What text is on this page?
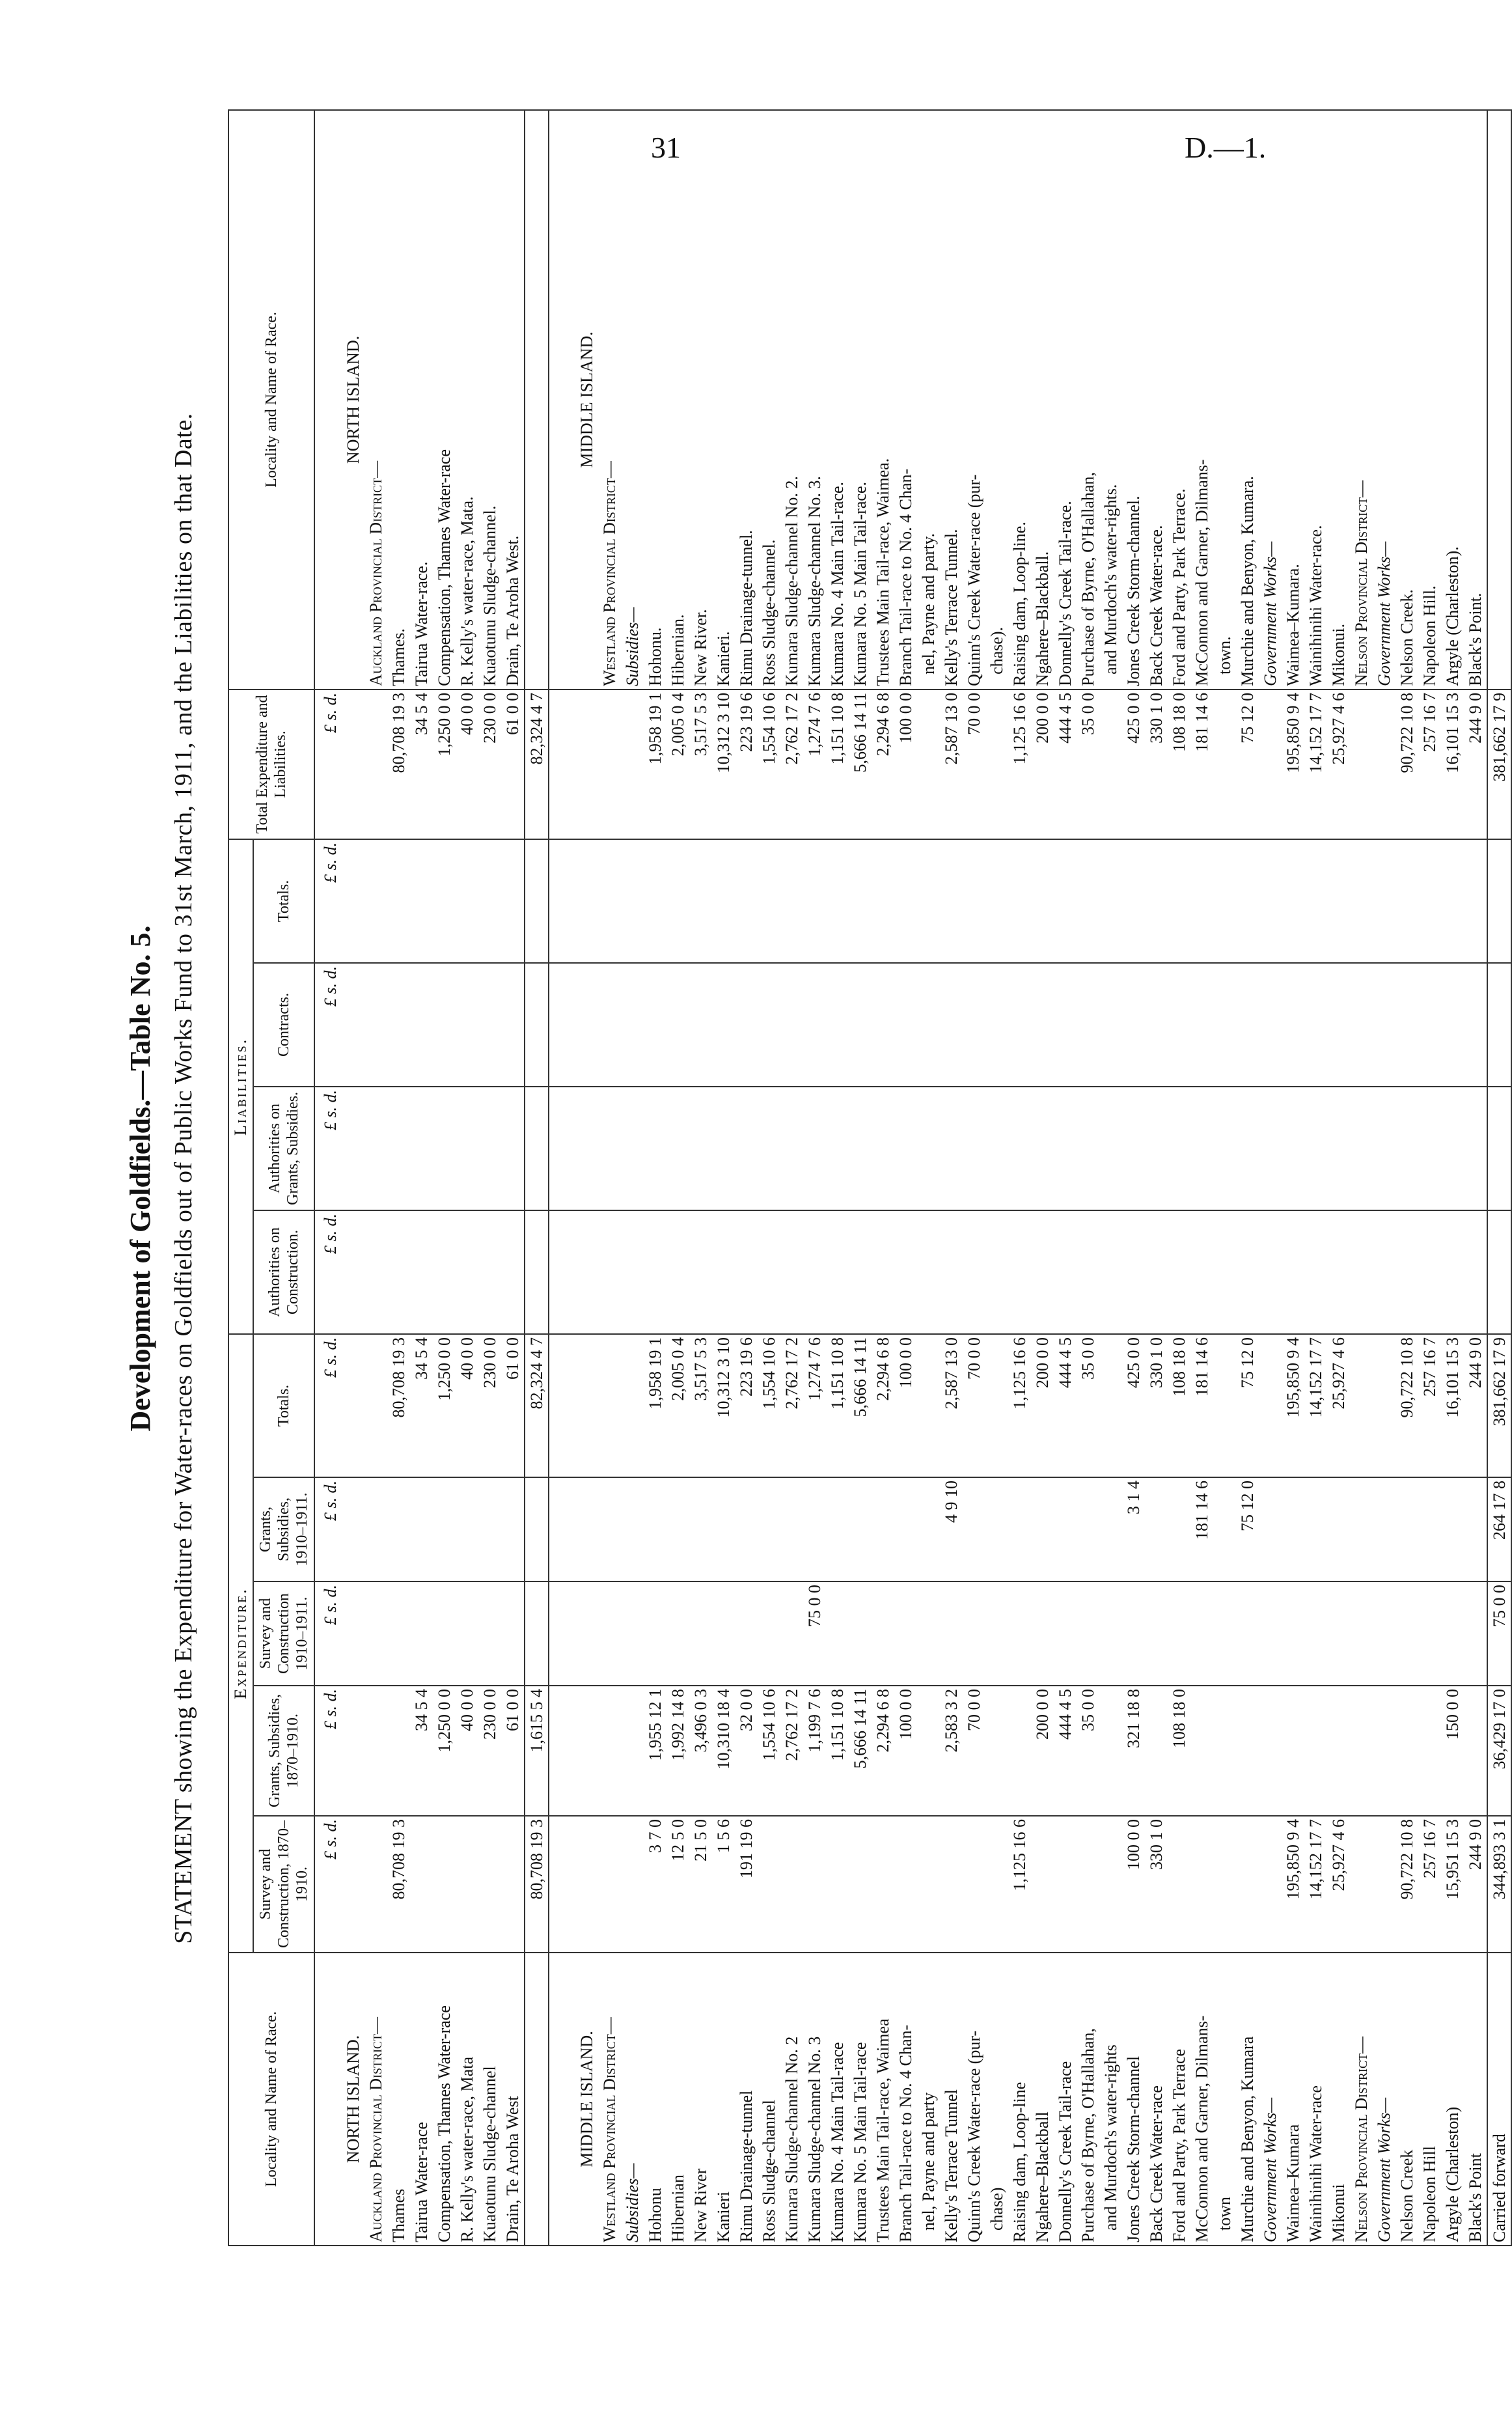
31	D.—1.
Development of Goldfields.—Table No. 5. STATEMENT showing the Expenditure for Water-races on Goldfields out of Public Works Fund to 31st March, 1911, and the Liabilities on that Date.
Locality and Name of Race.	Expenditure.					Liabilities.				Total Expenditure and Liabilities.	Locality and Name of Race.
	Survey and Construction, 1870–1910.	Grants, Subsidies, 1870–1910.	Survey and Construction 1910–1911.	Grants, Subsidies, 1910–1911.	Totals.	Authorities on Construction.	Authorities on Grants, Subsidies.	Contracts.	Totals.		
	£ s. d.	£ s. d.	£ s. d.	£ s. d.	£ s. d.	£ s. d.	£ s. d.	£ s. d.	£ s. d.	£ s. d.	
NORTH ISLAND.											NORTH ISLAND.
Auckland Provincial District—											Auckland Provincial District—
Thames	80,708 19 3				80,708 19 3					80,708 19 3	Thames.
Tairua Water-race		34 5 4			34 5 4					34 5 4	Tairua Water-race.
Compensation, Thames Water-race		1,250 0 0			1,250 0 0					1,250 0 0	Compensation, Thames Water-race
R. Kelly's water-race, Mata		40 0 0			40 0 0					40 0 0	R. Kelly's water-race, Mata.
Kuaotunu Sludge-channel		230 0 0			230 0 0					230 0 0	Kuaotunu Sludge-channel.
Drain, Te Aroha West		61 0 0			61 0 0					61 0 0	Drain, Te Aroha West.
	80,708 19 3	1,615 5 4			82,324 4 7					82,324 4 7	

MIDDLE ISLAND.											MIDDLE ISLAND.
Westland Provincial District—											Westland Provincial District—
Subsidies—											Subsidies—
Hohonu	3 7 0	1,955 12 1			1,958 19 1					1,958 19 1	Hohonu.
Hibernian	12 5 0	1,992 14 8			2,005 0 4					2,005 0 4	Hibernian.
New River	21 5 0	3,496 0 3			3,517 5 3					3,517 5 3	New River.
Kanieri	1 5 6	10,310 18 4			10,312 3 10					10,312 3 10	Kanieri.
Rimu Drainage-tunnel	191 19 6	32 0 0			223 19 6					223 19 6	Rimu Drainage-tunnel.
Ross Sludge-channel		1,554 10 6			1,554 10 6					1,554 10 6	Ross Sludge-channel.
Kumara Sludge-channel No. 2		2,762 17 2			2,762 17 2					2,762 17 2	Kumara Sludge-channel No. 2.
Kumara Sludge-channel No. 3		1,199 7 6	75 0 0		1,274 7 6					1,274 7 6	Kumara Sludge-channel No. 3.
Kumara No. 4 Main Tail-race		1,151 10 8			1,151 10 8					1,151 10 8	Kumara No. 4 Main Tail-race.
Kumara No. 5 Main Tail-race		5,666 14 11			5,666 14 11					5,666 14 11	Kumara No. 5 Main Tail-race.
Trustees Main Tail-race, Waimea		2,294 6 8			2,294 6 8					2,294 6 8	Trustees Main Tail-race, Waimea.
Branch Tail-race to No. 4 Chan-		100 0 0			100 0 0					100 0 0	Branch Tail-race to No. 4 Chan-
nel, Payne and party											nel, Payne and party.
Kelly's Terrace Tunnel		2,583 3 2		4 9 10	2,587 13 0					2,587 13 0	Kelly's Terrace Tunnel.
Quinn's Creek Water-race (pur-		70 0 0			70 0 0					70 0 0	Quinn's Creek Water-race (pur-
chase)											chase).
Raising dam, Loop-line	1,125 16 6				1,125 16 6					1,125 16 6	Raising dam, Loop-line.
Ngahere–Blackball		200 0 0			200 0 0					200 0 0	Ngahere–Blackball.
Donnelly's Creek Tail-race		444 4 5			444 4 5					444 4 5	Donnelly's Creek Tail-race.
Purchase of Byrne, O'Hallahan,		35 0 0			35 0 0					35 0 0	Purchase of Byrne, O'Hallahan,
and Murdoch's water-rights											and Murdoch's water-rights.
Jones Creek Storm-channel	100 0 0	321 18 8		3 1 4	425 0 0					425 0 0	Jones Creek Storm-channel.
Back Creek Water-race	330 1 0				330 1 0					330 1 0	Back Creek Water-race.
Ford and Party, Park Terrace		108 18 0			108 18 0					108 18 0	Ford and Party, Park Terrace.
McConnon and Garner, Dilmans-				181 14 6	181 14 6					181 14 6	McConnon and Garner, Dilmans-
town											town.
Murchie and Benyon, Kumara				75 12 0	75 12 0					75 12 0	Murchie and Benyon, Kumara.
Government Works—											Government Works—
Waimea–Kumara	195,850 9 4				195,850 9 4					195,850 9 4	Waimea–Kumara.
Wainihinihi Water-race	14,152 17 7				14,152 17 7					14,152 17 7	Wainihinihi Water-race.
Mikonui	25,927 4 6				25,927 4 6					25,927 4 6	Mikonui.
Nelson Provincial District—											Nelson Provincial District—
Government Works—											Government Works—
Nelson Creek	90,722 10 8				90,722 10 8					90,722 10 8	Nelson Creek.
Napoleon Hill	257 16 7				257 16 7					257 16 7	Napoleon Hill.
Argyle (Charleston)	15,951 15 3	150 0 0			16,101 15 3					16,101 15 3	Argyle (Charleston).
Black's Point	244 9 0				244 9 0					244 9 0	Black's Point.
Carried forward	344,893 3 1	36,429 17 0	75 0 0	264 17 8	381,662 17 9					381,662 17 9	
